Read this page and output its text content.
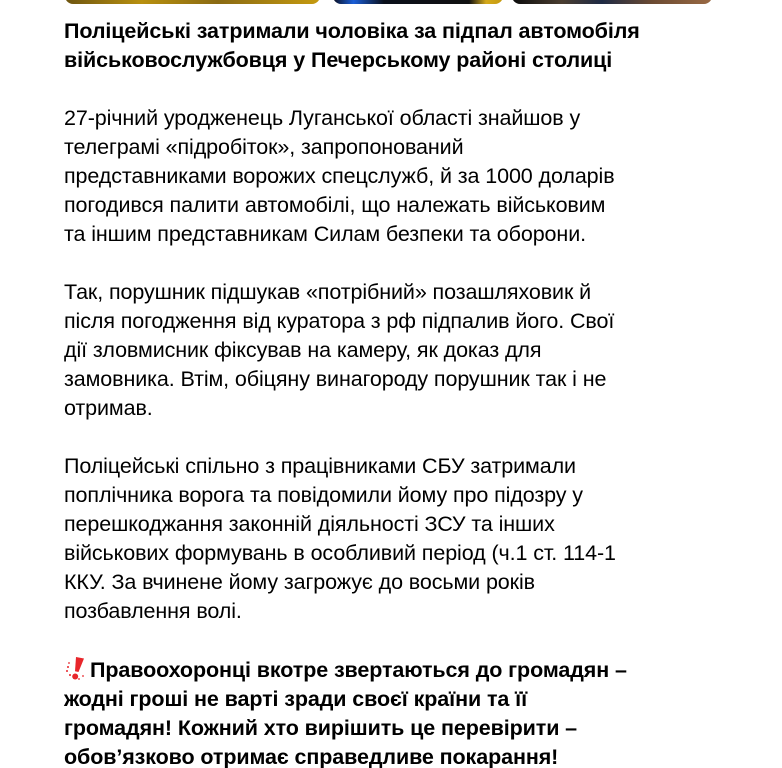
Поліцейські затримали чоловіка за підпал автомобіля
військовослужбовця у Печерському районі столиці
27-річний уродженець Луганської області знайшов у
телеграмі «підробіток», запропонований
представниками ворожих спецслужб, й за 1000 доларів
погодився палити автомобілі, що належать військовим
та іншим представникам Силам безпеки та оборони.
Так, порушник підшукав «потрібний» позашляховик й
після погодження від куратора з рф підпалив його. Свої
дії зловмисник фіксував на камеру, як доказ для
замовника. Втім, обіцяну винагороду порушник так і не
отримав.
Поліцейські спільно з працівниками СБУ затримали
поплічника ворога та повідомили йому про підозру у
перешкоджання законній діяльності ЗСУ та інших
військових формувань в особливий період (ч.1 ст. 114-1
ККУ. За вчинене йому загрожує до восьми років
позбавлення волі.
Правоохоронці вкотре звертаються до громадян –
жодні гроші не варті зради своєї країни та її
громадян! Кожний хто вирішить це перевірити –
обов’язково отримає справедливе покарання!
